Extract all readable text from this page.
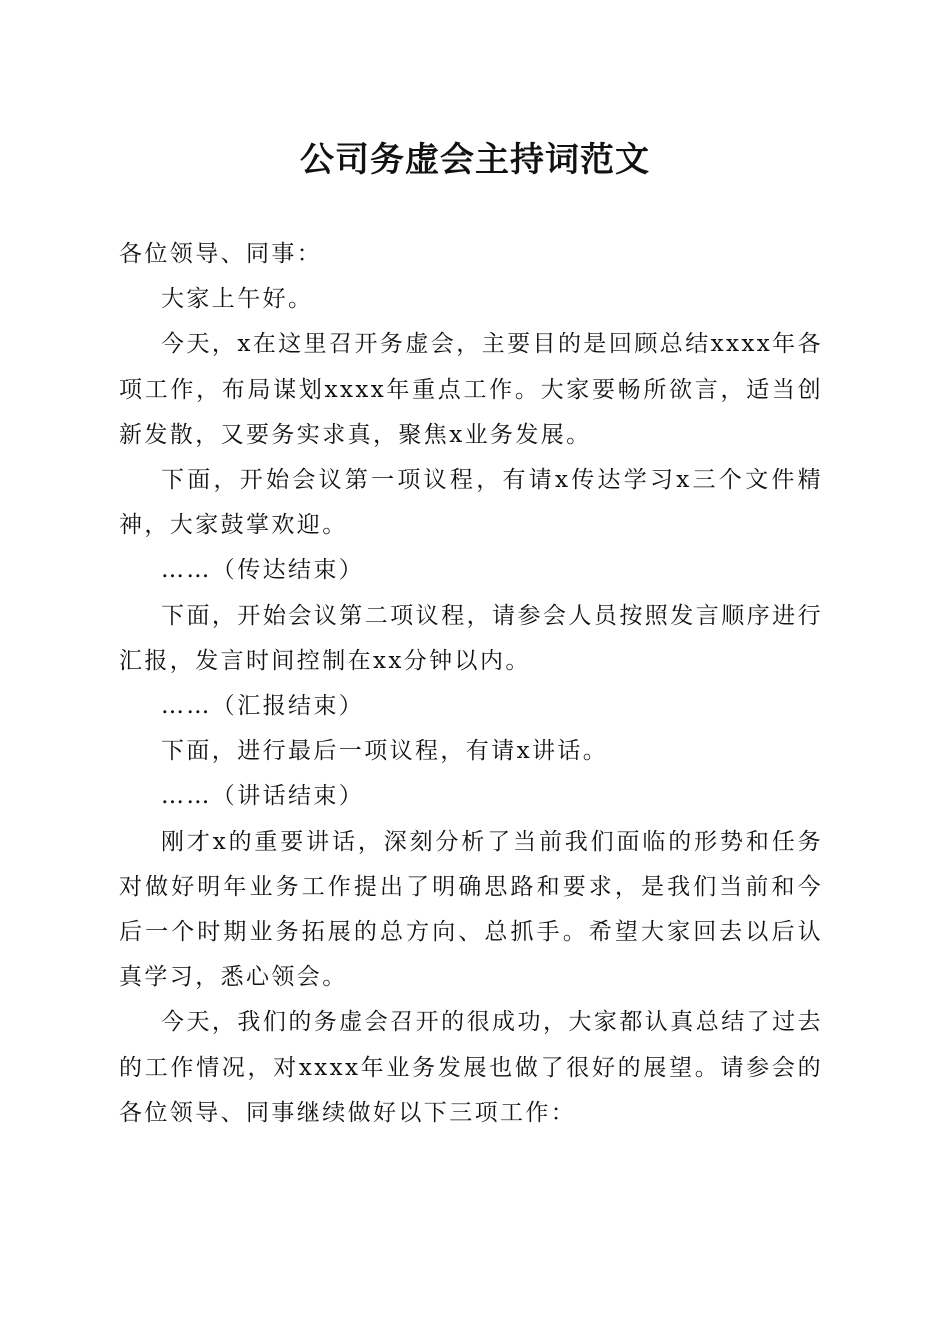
公司务虚会主持词范文

各位领导、同事：

大家上午好。

今天，x在这里召开务虚会，主要目的是回顾总结xxxx年各项工作，布局谋划xxxx年重点工作。大家要畅所欲言，适当创新发散，又要务实求真，聚焦x业务发展。

下面，开始会议第一项议程，有请x传达学习x三个文件精神，大家鼓掌欢迎。

……（传达结束）

下面，开始会议第二项议程，请参会人员按照发言顺序进行汇报，发言时间控制在xx分钟以内。

……（汇报结束）

下面，进行最后一项议程，有请x讲话。

……（讲话结束）

刚才x的重要讲话，深刻分析了当前我们面临的形势和任务对做好明年业务工作提出了明确思路和要求，是我们当前和今后一个时期业务拓展的总方向、总抓手。希望大家回去以后认真学习，悉心领会。

今天，我们的务虚会召开的很成功，大家都认真总结了过去的工作情况，对xxxx年业务发展也做了很好的展望。请参会的各位领导、同事继续做好以下三项工作：
